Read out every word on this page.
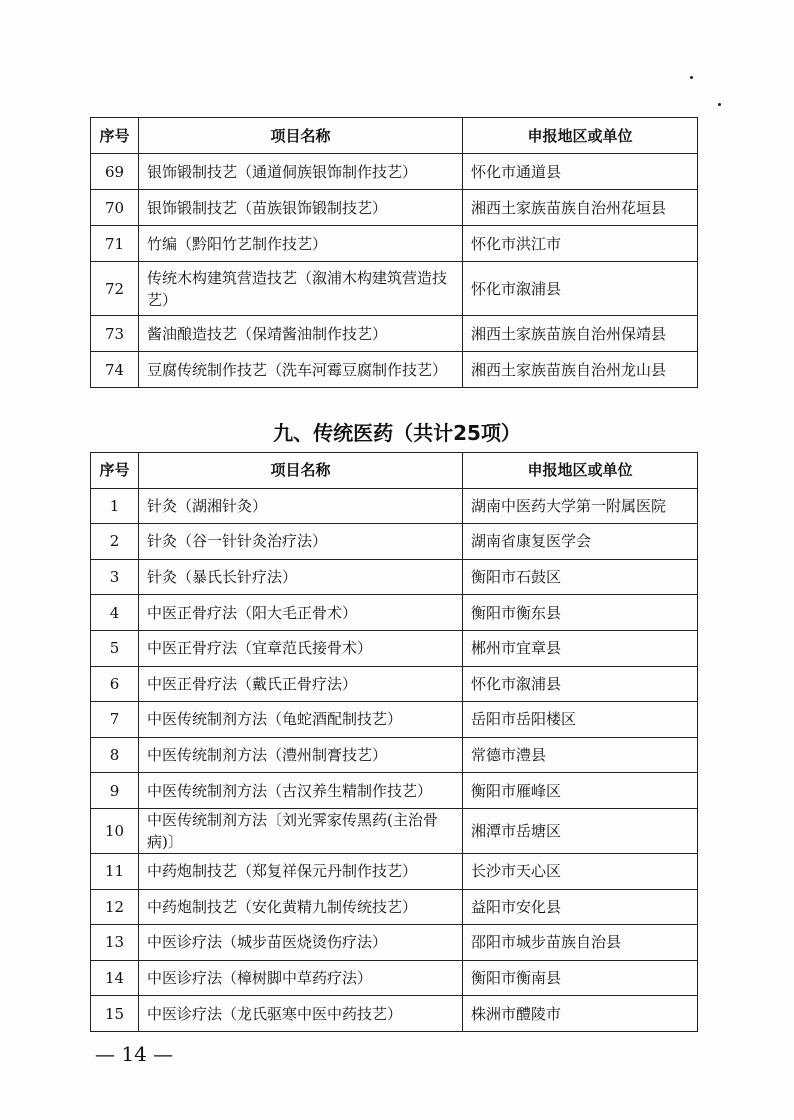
序号	项目名称	申报地区或单位
69	银饰锻制技艺（通道侗族银饰制作技艺）	怀化市通道县
70	银饰锻制技艺（苗族银饰锻制技艺）	湘西土家族苗族自治州花垣县
71	竹编（黔阳竹艺制作技艺）	怀化市洪江市
72	传统木构建筑营造技艺（溆浦木构建筑营造技艺）	怀化市溆浦县
73	酱油酿造技艺（保靖酱油制作技艺）	湘西土家族苗族自治州保靖县
74	豆腐传统制作技艺（洗车河霉豆腐制作技艺）	湘西土家族苗族自治州龙山县
九、传统医药（共计25项）
序号	项目名称	申报地区或单位
1	针灸（湖湘针灸）	湖南中医药大学第一附属医院
2	针灸（谷一针针灸治疗法）	湖南省康复医学会
3	针灸（暴氏长针疗法）	衡阳市石鼓区
4	中医正骨疗法（阳大毛正骨术）	衡阳市衡东县
5	中医正骨疗法（宜章范氏接骨术）	郴州市宜章县
6	中医正骨疗法（戴氏正骨疗法）	怀化市溆浦县
7	中医传统制剂方法（龟蛇酒配制技艺）	岳阳市岳阳楼区
8	中医传统制剂方法（澧州制膏技艺）	常德市澧县
9	中医传统制剂方法（古汉养生精制作技艺）	衡阳市雁峰区
10	中医传统制剂方法〔刘光霁家传黑药(主治骨病)〕	湘潭市岳塘区
11	中药炮制技艺（郑复祥保元丹制作技艺）	长沙市天心区
12	中药炮制技艺（安化黄精九制传统技艺）	益阳市安化县
13	中医诊疗法（城步苗医烧烫伤疗法）	邵阳市城步苗族自治县
14	中医诊疗法（樟树脚中草药疗法）	衡阳市衡南县
15	中医诊疗法（龙氏驱寒中医中药技艺）	株洲市醴陵市
— 14 —
